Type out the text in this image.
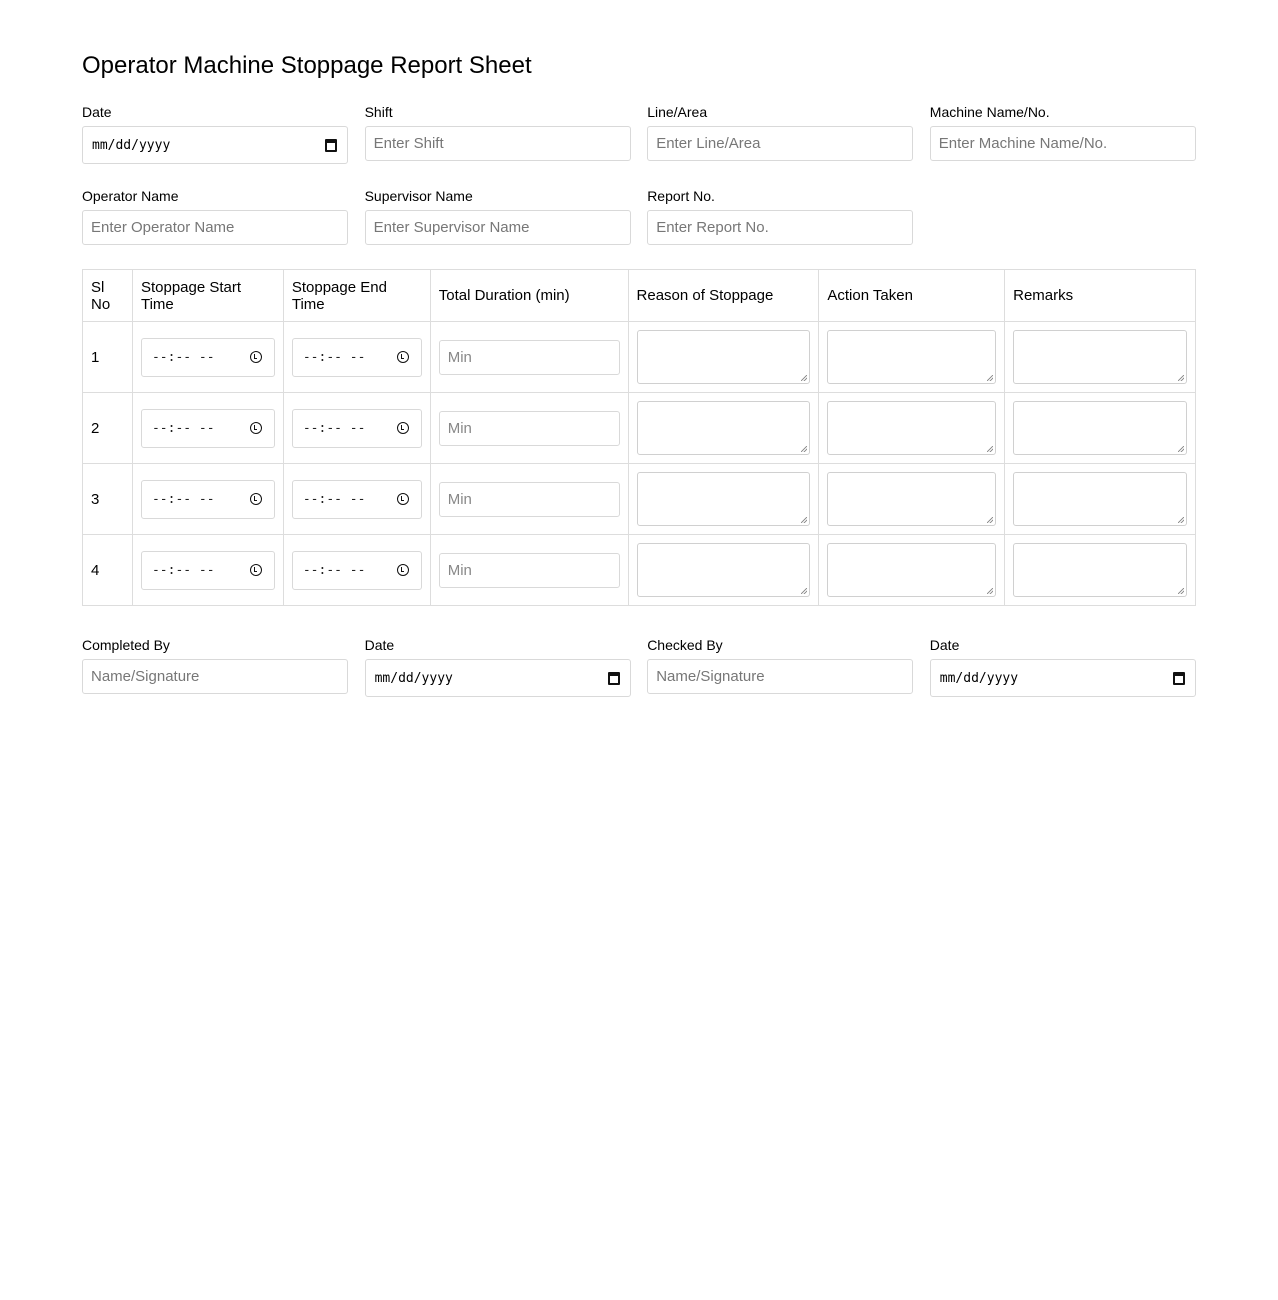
Operator Machine Stoppage Report Sheet
Date
mm/dd/yyyy
Shift
Enter Shift
Line/Area
Enter Line/Area
Machine Name/No.
Enter Machine Name/No.
Operator Name
Enter Operator Name
Supervisor Name
Enter Supervisor Name
Report No.
Enter Report No.
Sl No	Stoppage Start Time	Stoppage End Time	Total Duration (min)	Reason of Stoppage	Action Taken	Remarks
1	--:-- --	--:-- --	Min			

2	--:-- --	--:-- --	Min			

3	--:-- --	--:-- --	Min			

4	--:-- --	--:-- --	Min			

Completed By
Name/Signature
Date
mm/dd/yyyy
Checked By
Name/Signature
Date
mm/dd/yyyy
